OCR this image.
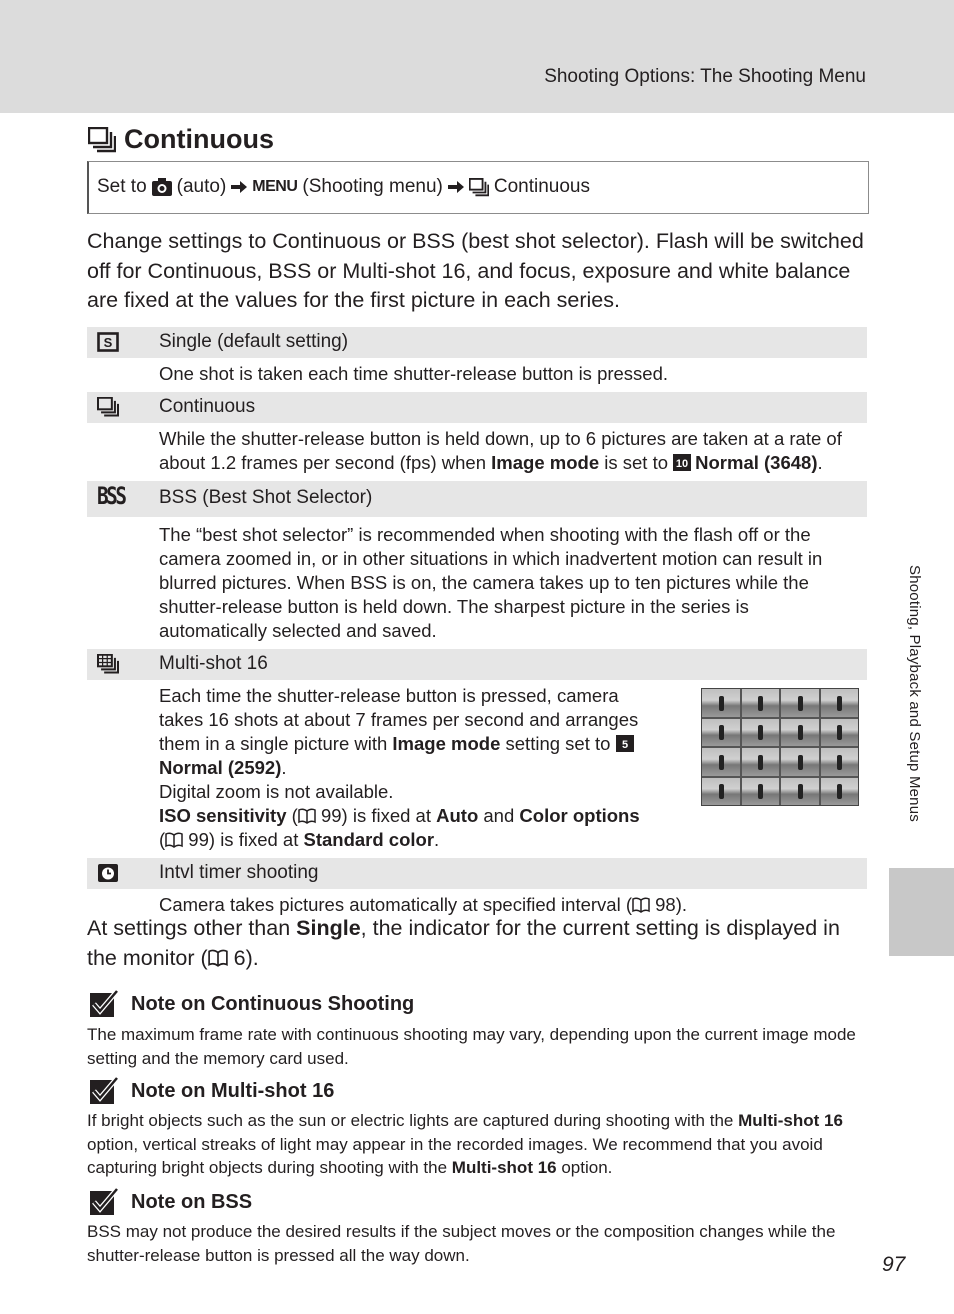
Shooting Options: The Shooting Menu
Shooting, Playback and Setup Menus
Continuous
Set to (auto) MENU (Shooting menu)	Continuous
Change settings to Continuous or BSS (best shot selector). Flash will be switched off for Continuous, BSS or Multi-shot 16, and focus, exposure and white balance are fixed at the values for the first picture in each series.
S Single (default setting)
One shot is taken each time shutter-release button is pressed.
Continuous
While the shutter-release button is held down, up to 6 pictures are taken at a rate of about 1.2 frames per second (fps) when Image mode is set to 10 Normal (3648).
BSS BSS (Best Shot Selector)
The “best shot selector” is recommended when shooting with the flash off or the camera zoomed in, or in other situations in which inadvertent motion can result in blurred pictures. When BSS is on, the camera takes up to ten pictures while the shutter-release button is held down. The sharpest picture in the series is automatically selected and saved.
Multi-shot 16
Each time the shutter-release button is pressed, camera takes 16 shots at about 7 frames per second and arranges them in a single picture with Image mode setting set to 5
Normal (2592).
Digital zoom is not available.
ISO sensitivity ( 99) is fixed at Auto and Color options
( 99) is fixed at Standard color.
Intvl timer shooting
Camera takes pictures automatically at specified interval ( 98).
At settings other than Single, the indicator for the current setting is displayed in the monitor ( 6).
Note on Continuous Shooting
The maximum frame rate with continuous shooting may vary, depending upon the current image mode setting and the memory card used.
Note on Multi-shot 16
If bright objects such as the sun or electric lights are captured during shooting with the Multi-shot 16 option, vertical streaks of light may appear in the recorded images. We recommend that you avoid capturing bright objects during shooting with the Multi-shot 16 option.
Note on BSS
BSS may not produce the desired results if the subject moves or the composition changes while the shutter-release button is pressed all the way down.	97
